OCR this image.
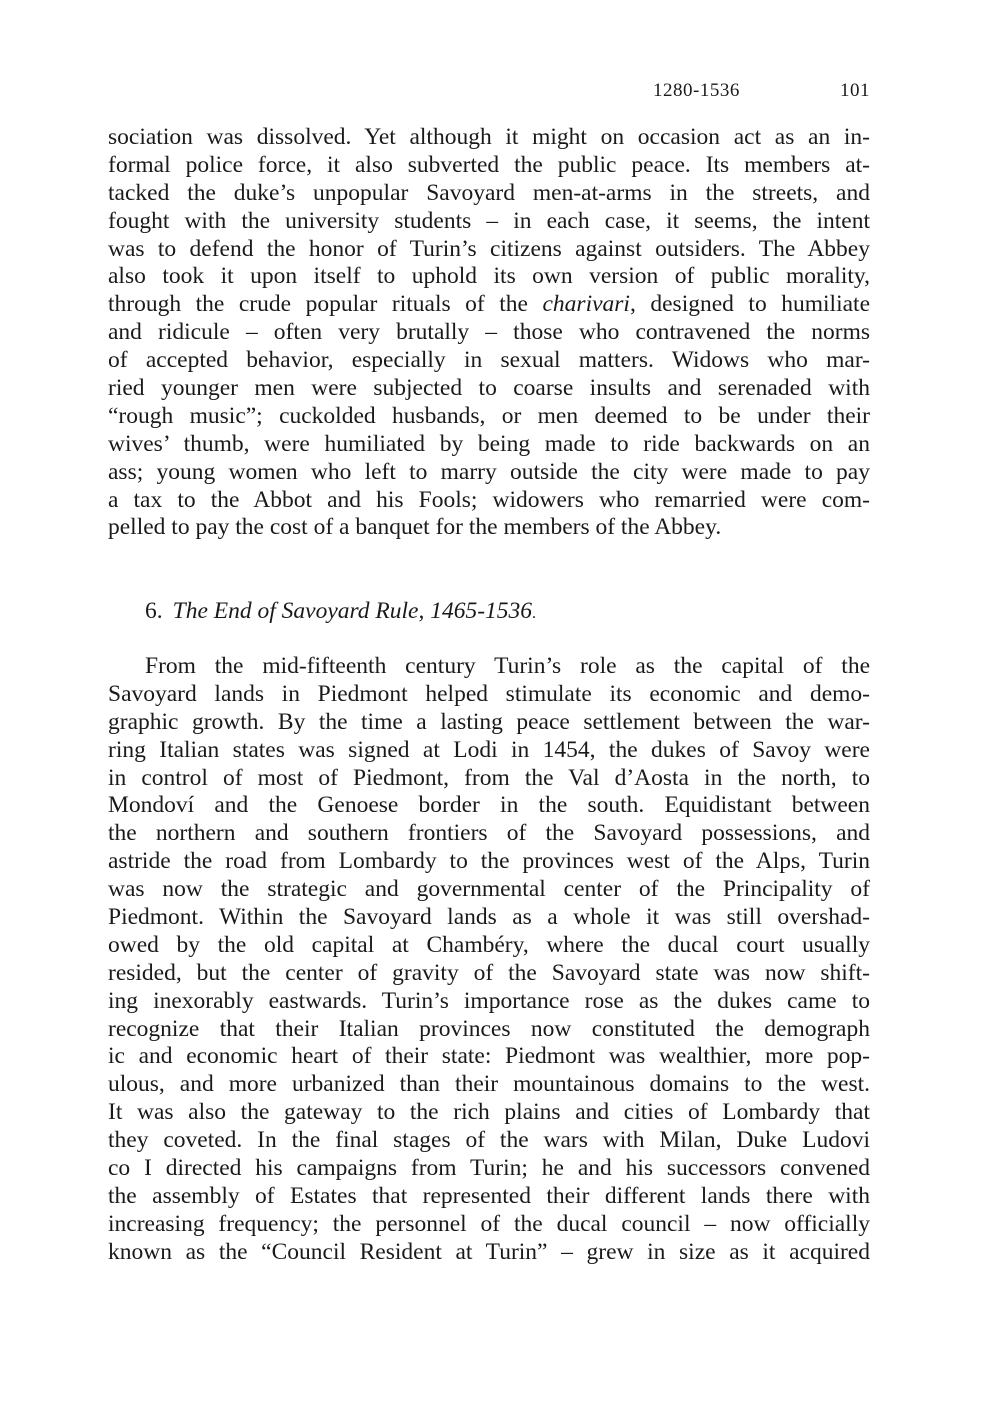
1280-1536	101
sociation was dissolved. Yet although it might on occasion act as an in-
formal police force, it also subverted the public peace. Its members at-
tacked the duke’s unpopular Savoyard men-at-arms in the streets, and
fought with the university students – in each case, it seems, the intent
was to defend the honor of Turin’s citizens against outsiders. The Abbey
also took it upon itself to uphold its own version of public morality,
through the crude popular rituals of the charivari, designed to humiliate
and ridicule – often very brutally – those who contravened the norms
of accepted behavior, especially in sexual matters. Widows who mar-
ried younger men were subjected to coarse insults and serenaded with
“rough music”; cuckolded husbands, or men deemed to be under their
wives’ thumb, were humiliated by being made to ride backwards on an
ass; young women who left to marry outside the city were made to pay
a tax to the Abbot and his Fools; widowers who remarried were com-
pelled to pay the cost of a banquet for the members of the Abbey.
6. The End of Savoyard Rule, 1465-1536.
From the mid-fifteenth century Turin’s role as the capital of the
Savoyard lands in Piedmont helped stimulate its economic and demo-
graphic growth. By the time a lasting peace settlement between the war-
ring Italian states was signed at Lodi in 1454, the dukes of Savoy were
in control of most of Piedmont, from the Val d’Aosta in the north, to
Mondoví and the Genoese border in the south. Equidistant between
the northern and southern frontiers of the Savoyard possessions, and
astride the road from Lombardy to the provinces west of the Alps, Turin
was now the strategic and governmental center of the Principality of
Piedmont. Within the Savoyard lands as a whole it was still overshad-
owed by the old capital at Chambéry, where the ducal court usually
resided, but the center of gravity of the Savoyard state was now shift-
ing inexorably eastwards. Turin’s importance rose as the dukes came to
recognize that their Italian provinces now constituted the demograph
ic and economic heart of their state: Piedmont was wealthier, more pop-
ulous, and more urbanized than their mountainous domains to the west.
It was also the gateway to the rich plains and cities of Lombardy that
they coveted. In the final stages of the wars with Milan, Duke Ludovi
co I directed his campaigns from Turin; he and his successors convened
the assembly of Estates that represented their different lands there with
increasing frequency; the personnel of the ducal council – now officially
known as the “Council Resident at Turin” – grew in size as it acquired
